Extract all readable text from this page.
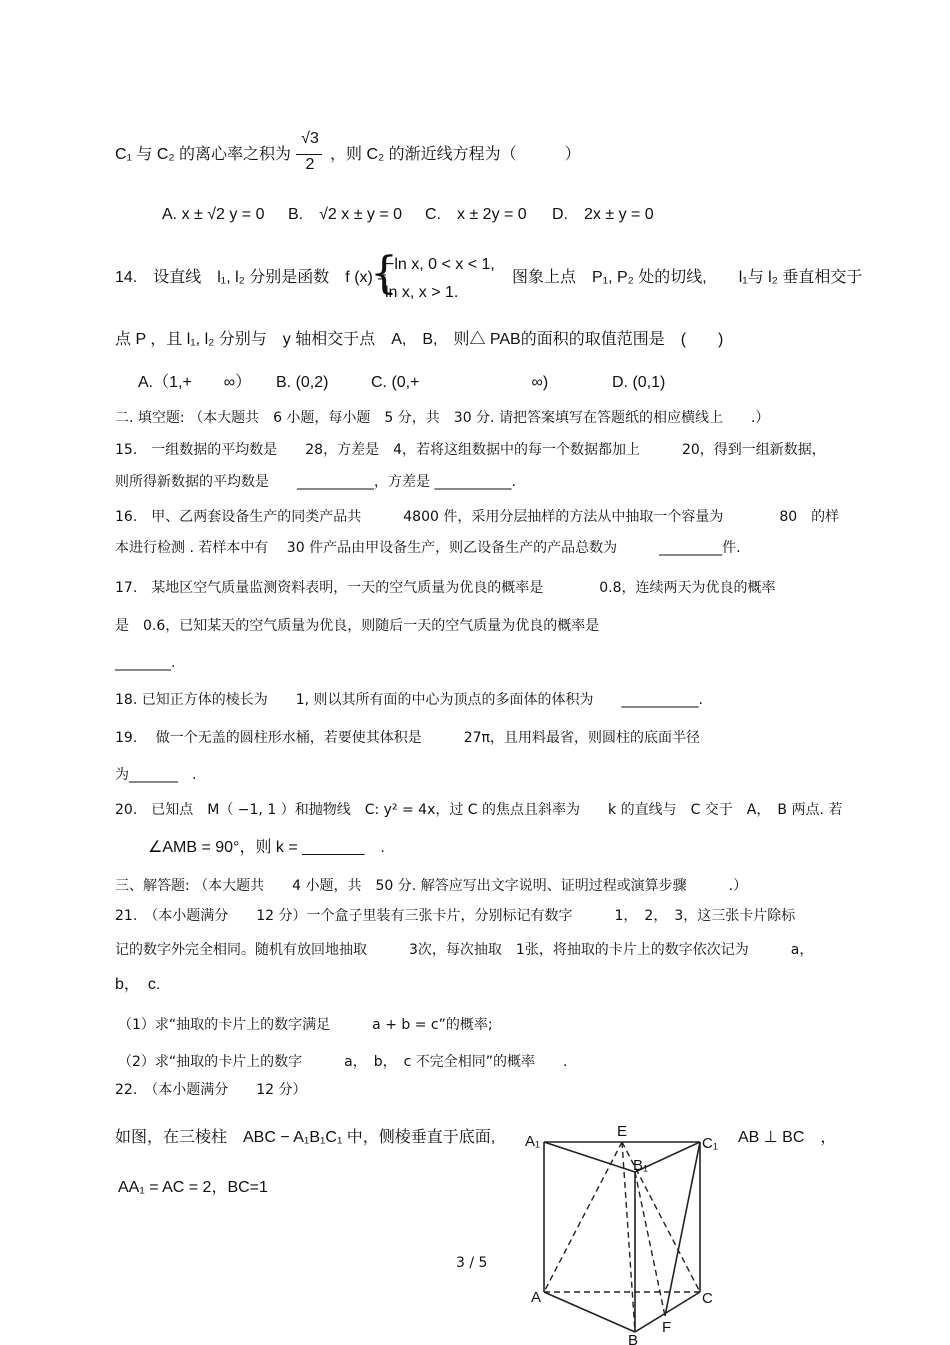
C₁ 与 C₂ 的离心率之积为
√3
2
，则 C₂ 的渐近线方程为（　　　）
A. x ± √2 y = 0 B.　√2 x ± y = 0 C.　x ± 2y = 0 D.　2x ± y = 0
14.　设直线　l₁, l₂ 分别是函数　f (x) =
{
−ln x, 0 < x < 1,
ln x, x > 1.
图象上点　P₁, P₂ 处的切线,　　l₁与 l₂ 垂直相交于
点 P ，且 l₁, l₂ 分别与　y 轴相交于点　A,　B,　则△ PAB的面积的取值范围是　(　　)
A.（1,+　　∞） B. (0,2)	C. (0,+　　　　　　　∞)	D. (0,1)
二. 填空题: （本大题共　6 小题，每小题　5 分，共　30 分. 请把答案填写在答题纸的相应横线上　　.）
15.　一组数据的平均数是　　28，方差是　4，若将这组数据中的每一个数据都加上　　　20，得到一组新数据，
则所得新数据的平均数是　　___________，方差是 ___________.
16.　甲、乙两套设备生产的同类产品共　　　4800 件，采用分层抽样的方法从中抽取一个容量为　　　　80　的样
本进行检测 . 若样本中有　 30 件产品由甲设备生产，则乙设备生产的产品总数为　　　_________件.
17.　某地区空气质量监测资料表明，一天的空气质量为优良的概率是　　　　0.8，连续两天为优良的概率
是　0.6，已知某天的空气质量为优良，则随后一天的空气质量为优良的概率是
________.
18. 已知正方体的棱长为　　1, 则以其所有面的中心为顶点的多面体的体积为　　___________.
19.　 做一个无盖的圆柱形水桶，若要使其体积是　　　27π，且用料最省，则圆柱的底面半径
为_______　.
20.　已知点　M（ −1, 1 ）和抛物线　C: y² = 4x，过 C 的焦点且斜率为　　k 的直线与　C 交于　A，　B 两点. 若
∠AMB = 90°，则 k = _______　.
三、解答题: （本大题共　　4 小题，共　50 分. 解答应写出文字说明、证明过程或演算步骤　　　.）
21.　（本小题满分　　12 分）一个盒子里装有三张卡片，分别标记有数字　　　1，　2，　3，这三张卡片除标
记的数字外完全相同。随机有放回地抽取　　　3次，每次抽取　1张，将抽取的卡片上的数字依次记为　　　a，
b，　c.
（1）求“抽取的卡片上的数字满足　　　a + b = c”的概率;
（2）求“抽取的卡片上的数字　　　a，　b，　c 不完全相同”的概率　　.
22.　（本小题满分　　12 分）
如图，在三棱柱　ABC − A₁B₁C₁ 中，侧棱垂直于底面,	AB ⊥ BC　，
AA₁ = AC = 2，BC=1
A₁
E
C₁
B₁
A	C
B
F
3 / 5
